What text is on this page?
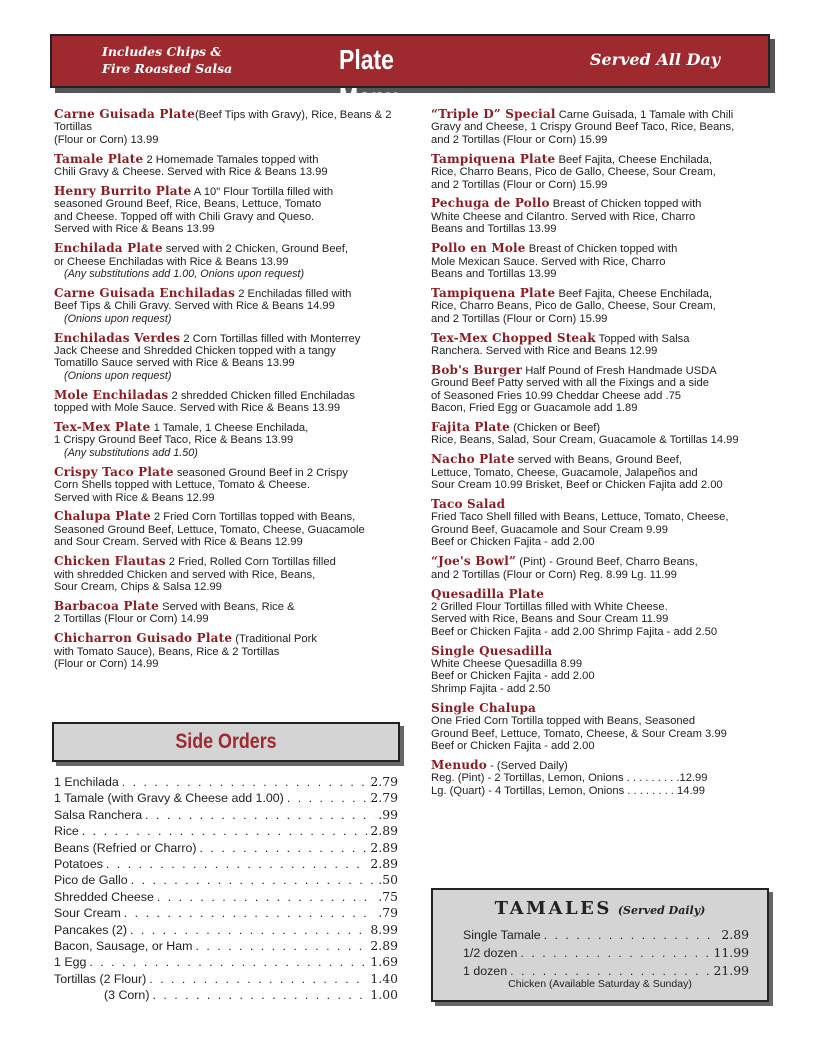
Includes Chips &
Fire Roasted Salsa	Plate Menu
Served All Day
Carne Guisada Plate(Beef Tips with Gravy), Rice, Beans & 2 Tortillas
(Flour or Corn) 13.99
Tamale Plate 2 Homemade Tamales topped with
Chili Gravy & Cheese. Served with Rice & Beans 13.99
Henry Burrito Plate A 10" Flour Tortilla filled with
seasoned Ground Beef, Rice, Beans, Lettuce, Tomato
and Cheese. Topped off with Chili Gravy and Queso.
Served with Rice & Beans 13.99
Enchilada Plate served with 2 Chicken, Ground Beef,
or Cheese Enchiladas with Rice & Beans 13.99
(Any substitutions add 1.00, Onions upon request)
Carne Guisada Enchiladas 2 Enchiladas filled with
Beef Tips & Chili Gravy. Served with Rice & Beans 14.99
(Onions upon request)
Enchiladas Verdes 2 Corn Tortillas filled with Monterrey
Jack Cheese and Shredded Chicken topped with a tangy
Tomatillo Sauce served with Rice & Beans 13.99
(Onions upon request)
Mole Enchiladas 2 shredded Chicken filled Enchiladas
topped with Mole Sauce. Served with Rice & Beans 13.99
Tex-Mex Plate 1 Tamale, 1 Cheese Enchilada,
1 Crispy Ground Beef Taco, Rice & Beans 13.99
(Any substitutions add 1.50)
Crispy Taco Plate seasoned Ground Beef in 2 Crispy
Corn Shells topped with Lettuce, Tomato & Cheese.
Served with Rice & Beans 12.99
Chalupa Plate 2 Fried Corn Tortillas topped with Beans,
Seasoned Ground Beef, Lettuce, Tomato, Cheese, Guacamole
and Sour Cream. Served with Rice & Beans 12.99
Chicken Flautas 2 Fried, Rolled Corn Tortillas filled
with shredded Chicken and served with Rice, Beans,
Sour Cream, Chips & Salsa 12.99
Barbacoa Plate Served with Beans, Rice &
2 Tortillas (Flour or Corn) 14.99
Chicharron Guisado Plate (Traditional Pork
with Tomato Sauce), Beans, Rice & 2 Tortillas
(Flour or Corn) 14.99
“Triple D” Special Carne Guisada, 1 Tamale with Chili
Gravy and Cheese, 1 Crispy Ground Beef Taco, Rice, Beans,
and 2 Tortillas (Flour or Corn) 15.99
Tampiquena Plate Beef Fajita, Cheese Enchilada,
Rice, Charro Beans, Pico de Gallo, Cheese, Sour Cream,
and 2 Tortillas (Flour or Corn) 15.99
Pechuga de Pollo Breast of Chicken topped with
White Cheese and Cilantro. Served with Rice, Charro
Beans and Tortillas 13.99
Pollo en Mole Breast of Chicken topped with
Mole Mexican Sauce. Served with Rice, Charro
Beans and Tortillas 13.99
Tampiquena Plate Beef Fajita, Cheese Enchilada,
Rice, Charro Beans, Pico de Gallo, Cheese, Sour Cream,
and 2 Tortillas (Flour or Corn) 15.99
Tex-Mex Chopped Steak Topped with Salsa
Ranchera. Served with Rice and Beans 12.99
Bob's Burger Half Pound of Fresh Handmade USDA
Ground Beef Patty served with all the Fixings and a side
of Seasoned Fries 10.99 Cheddar Cheese add .75
Bacon, Fried Egg or Guacamole add 1.89
Fajita Plate (Chicken or Beef)
Rice, Beans, Salad, Sour Cream, Guacamole & Tortillas 14.99
Nacho Plate served with Beans, Ground Beef,
Lettuce, Tomato, Cheese, Guacamole, Jalapeños and
Sour Cream 10.99 Brisket, Beef or Chicken Fajita add 2.00
Taco Salad
Fried Taco Shell filled with Beans, Lettuce, Tomato, Cheese,
Ground Beef, Guacamole and Sour Cream 9.99
Beef or Chicken Fajita - add 2.00
“Joe's Bowl” (Pint) - Ground Beef, Charro Beans,
and 2 Tortillas (Flour or Corn) Reg. 8.99 Lg. 11.99
Quesadilla Plate
2 Grilled Flour Tortillas filled with White Cheese.
Served with Rice, Beans and Sour Cream 11.99
Beef or Chicken Fajita - add 2.00 Shrimp Fajita - add 2.50
Single Quesadilla
White Cheese Quesadilla 8.99
Beef or Chicken Fajita - add 2.00
Shrimp Fajita - add 2.50
Single Chalupa
One Fried Corn Tortilla topped with Beans, Seasoned
Ground Beef, Lettuce, Tomato, Cheese, & Sour Cream 3.99
Beef or Chicken Fajita - add 2.00
Menudo - (Served Daily)
Reg. (Pint) - 2 Tortillas, Lemon, Onions . . . . . . . . .12.99
Lg. (Quart) - 4 Tortillas, Lemon, Onions . . . . . . . . 14.99
Side Orders
1 Enchilada . . .	2.79
1 Tamale (with Gravy & Cheese add 1.00) . . .	2.79
Salsa Ranchera . . .	.99
Rice . . .	2.89
Beans (Refried or Charro) . . .	2.89
Potatoes . . .	2.89
Pico de Gallo . . .	.50
Shredded Cheese . . .	.75
Sour Cream . . .	.79
Pancakes (2) . . .	8.99
Bacon, Sausage, or Ham . . .	2.89
1 Egg . . .	1.69
Tortillas (2 Flour) . . .	1.40
(3 Corn) . . .	1.00
TAMALES (Served Daily)
Single Tamale . . .	2.89
1/2 dozen . . .	11.99
1 dozen . . .	21.99
Chicken (Available Saturday & Sunday)
